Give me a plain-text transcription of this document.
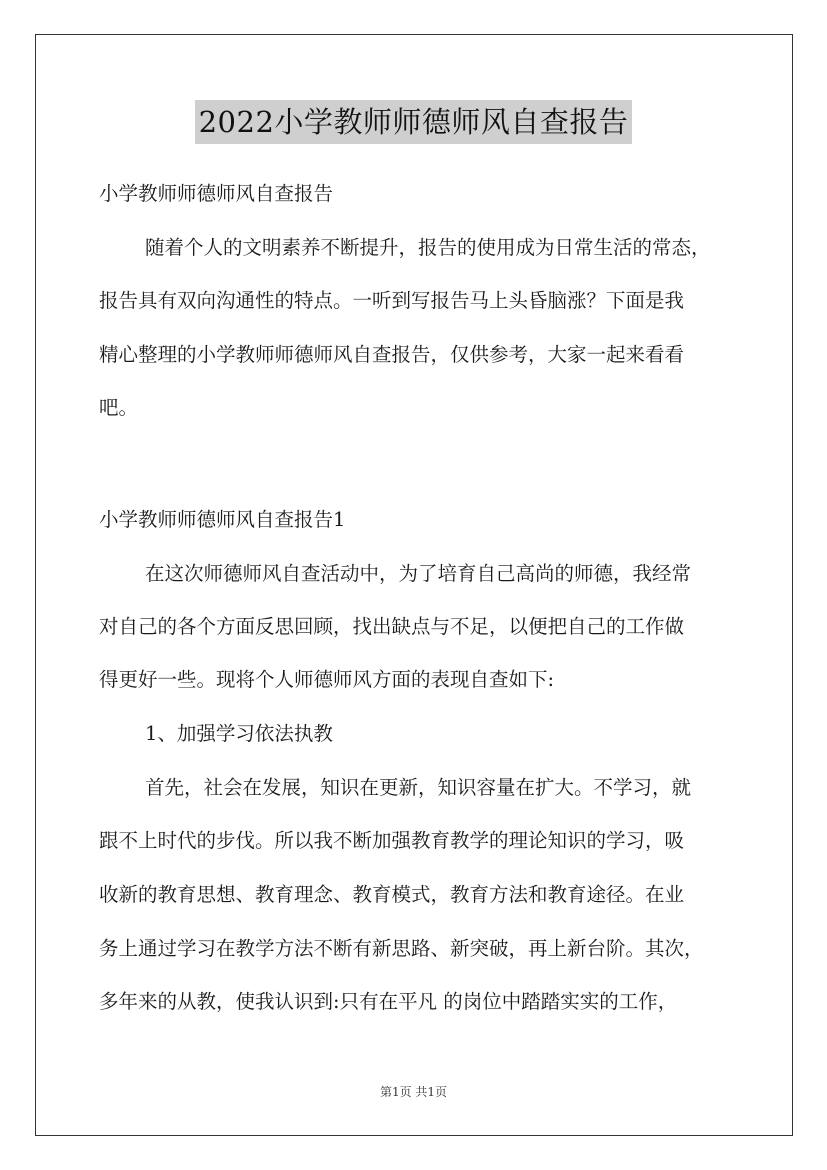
2022小学教师师德师风自查报告
小学教师师德师风自查报告
随着个人的文明素养不断提升，报告的使用成为日常生活的常态，
报告具有双向沟通性的特点。一听到写报告马上头昏脑涨？下面是我
精心整理的小学教师师德师风自查报告，仅供参考，大家一起来看看
吧。
小学教师师德师风自查报告1
在这次师德师风自查活动中，为了培育自己高尚的师德，我经常
对自己的各个方面反思回顾，找出缺点与不足，以便把自己的工作做
得更好一些。现将个人师德师风方面的表现自查如下:
1、加强学习依法执教
首先，社会在发展，知识在更新，知识容量在扩大。不学习，就
跟不上时代的步伐。所以我不断加强教育教学的理论知识的学习，吸
收新的教育思想、教育理念、教育模式，教育方法和教育途径。在业
务上通过学习在教学方法不断有新思路、新突破，再上新台阶。其次，
多年来的从教，使我认识到:只有在平凡 的岗位中踏踏实实的工作，
第1页 共1页
